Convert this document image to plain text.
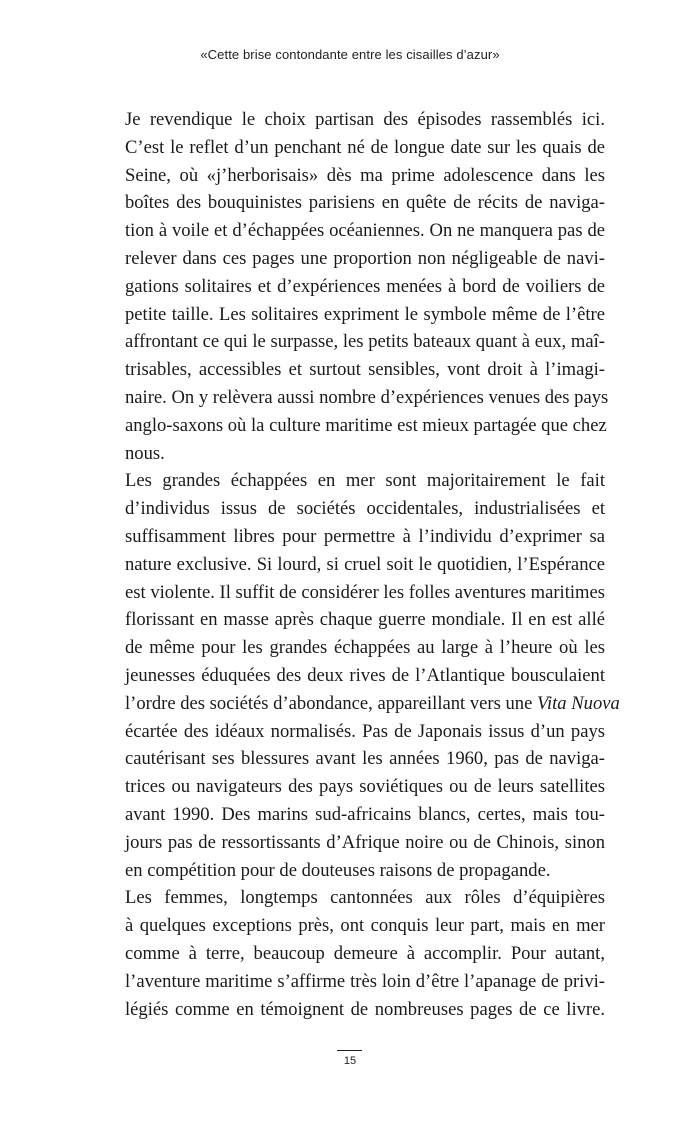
«Cette brise contondante entre les cisailles d’azur»

Je revendique le choix partisan des épisodes rassemblés ici.
C’est le reflet d’un penchant né de longue date sur les quais de
Seine, où «j’herborisais» dès ma prime adolescence dans les
boîtes des bouquinistes parisiens en quête de récits de naviga-
tion à voile et d’échappées océaniennes. On ne manquera pas de
relever dans ces pages une proportion non négligeable de navi-
gations solitaires et d’expériences menées à bord de voiliers de
petite taille. Les solitaires expriment le symbole même de l’être
affrontant ce qui le surpasse, les petits bateaux quant à eux, maî-
trisables, accessibles et surtout sensibles, vont droit à l’imagi-
naire. On y relèvera aussi nombre d’expériences venues des pays
anglo-saxons où la culture maritime est mieux partagée que chez
nous.

Les grandes échappées en mer sont majoritairement le fait
d’individus issus de sociétés occidentales, industrialisées et
suffisamment libres pour permettre à l’individu d’exprimer sa
nature exclusive. Si lourd, si cruel soit le quotidien, l’Espérance
est violente. Il suffit de considérer les folles aventures maritimes
florissant en masse après chaque guerre mondiale. Il en est allé
de même pour les grandes échappées au large à l’heure où les
jeunesses éduquées des deux rives de l’Atlantique bousculaient
l’ordre des sociétés d’abondance, appareillant vers une Vita Nuova
écartée des idéaux normalisés. Pas de Japonais issus d’un pays
cautérisant ses blessures avant les années 1960, pas de naviga-
trices ou navigateurs des pays soviétiques ou de leurs satellites
avant 1990. Des marins sud-africains blancs, certes, mais tou-
jours pas de ressortissants d’Afrique noire ou de Chinois, sinon
en compétition pour de douteuses raisons de propagande.

Les femmes, longtemps cantonnées aux rôles d’équipières
à quelques exceptions près, ont conquis leur part, mais en mer
comme à terre, beaucoup demeure à accomplir. Pour autant,
l’aventure maritime s’affirme très loin d’être l’apanage de privi-
légiés comme en témoignent de nombreuses pages de ce livre.

15
